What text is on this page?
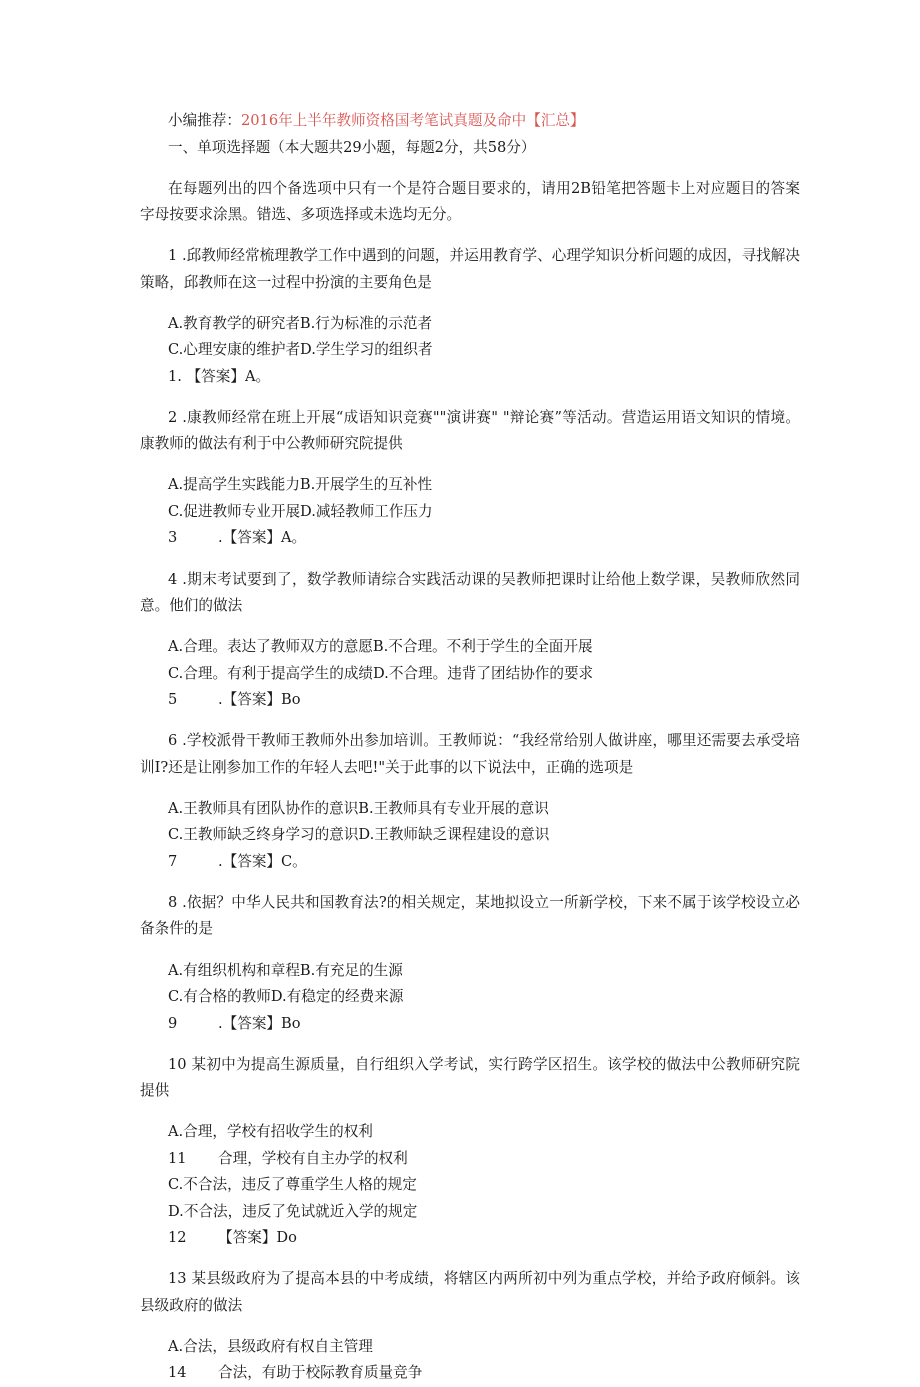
小编推荐：2016年上半年教师资格国考笔试真题及命中【汇总】

一、单项选择题（本大题共29小题，每题2分，共58分）

在每题列出的四个备选项中只有一个是符合题目要求的，请用2B铅笔把答题卡上对应题目的答案字母按要求涂黑。错选、多项选择或未选均无分。

1 .邱教师经常梳理教学工作中遇到的问题，并运用教育学、心理学知识分析问题的成因，寻找解决策略，邱教师在这一过程中扮演的主要角色是

A.教育教学的研究者B.行为标准的示范者

C.心理安康的维护者D.学生学习的组织者

1. 【答案】A。

2 .康教师经常在班上开展“成语知识竞赛""演讲赛" "辩论赛”等活动。营造运用语文知识的情境。康教师的做法有利于中公教师研究院提供

A.提高学生实践能力B.开展学生的互补性

C.促进教师专业开展D.减轻教师工作压力

3	.【答案】A。

4 .期末考试要到了，数学教师请综合实践活动课的吴教师把课时让给他上数学课，吴教师欣然同意。他们的做法

A.合理。表达了教师双方的意愿B.不合理。不利于学生的全面开展

C.合理。有利于提高学生的成绩D.不合理。违背了团结协作的要求

5	.【答案】Bo

6 .学校派骨干教师王教师外出参加培训。王教师说：“我经常给别人做讲座，哪里还需要去承受培训I?还是让刚参加工作的年轻人去吧!"关于此事的以下说法中，正确的选项是

A.王教师具有团队协作的意识B.王教师具有专业开展的意识

C.王教师缺乏终身学习的意识D.王教师缺乏课程建设的意识

7	.【答案】C。

8 .依据？中华人民共和国教育法?的相关规定，某地拟设立一所新学校，下来不属于该学校设立必备条件的是

A.有组织机构和章程B.有充足的生源

C.有合格的教师D.有稳定的经费来源

9	.【答案】Bo

10 某初中为提高生源质量，自行组织入学考试，实行跨学区招生。该学校的做法中公教师研究院提供

A.合理，学校有招收学生的权利

11 合理，学校有自主办学的权利

C.不合法，违反了尊重学生人格的规定

D.不合法，违反了免试就近入学的规定

12 【答案】Do

13 某县级政府为了提高本县的中考成绩，将辖区内两所初中列为重点学校，并给予政府倾斜。该县级政府的做法

A.合法，县级政府有权自主管理

14 合法，有助于校际教育质量竞争
